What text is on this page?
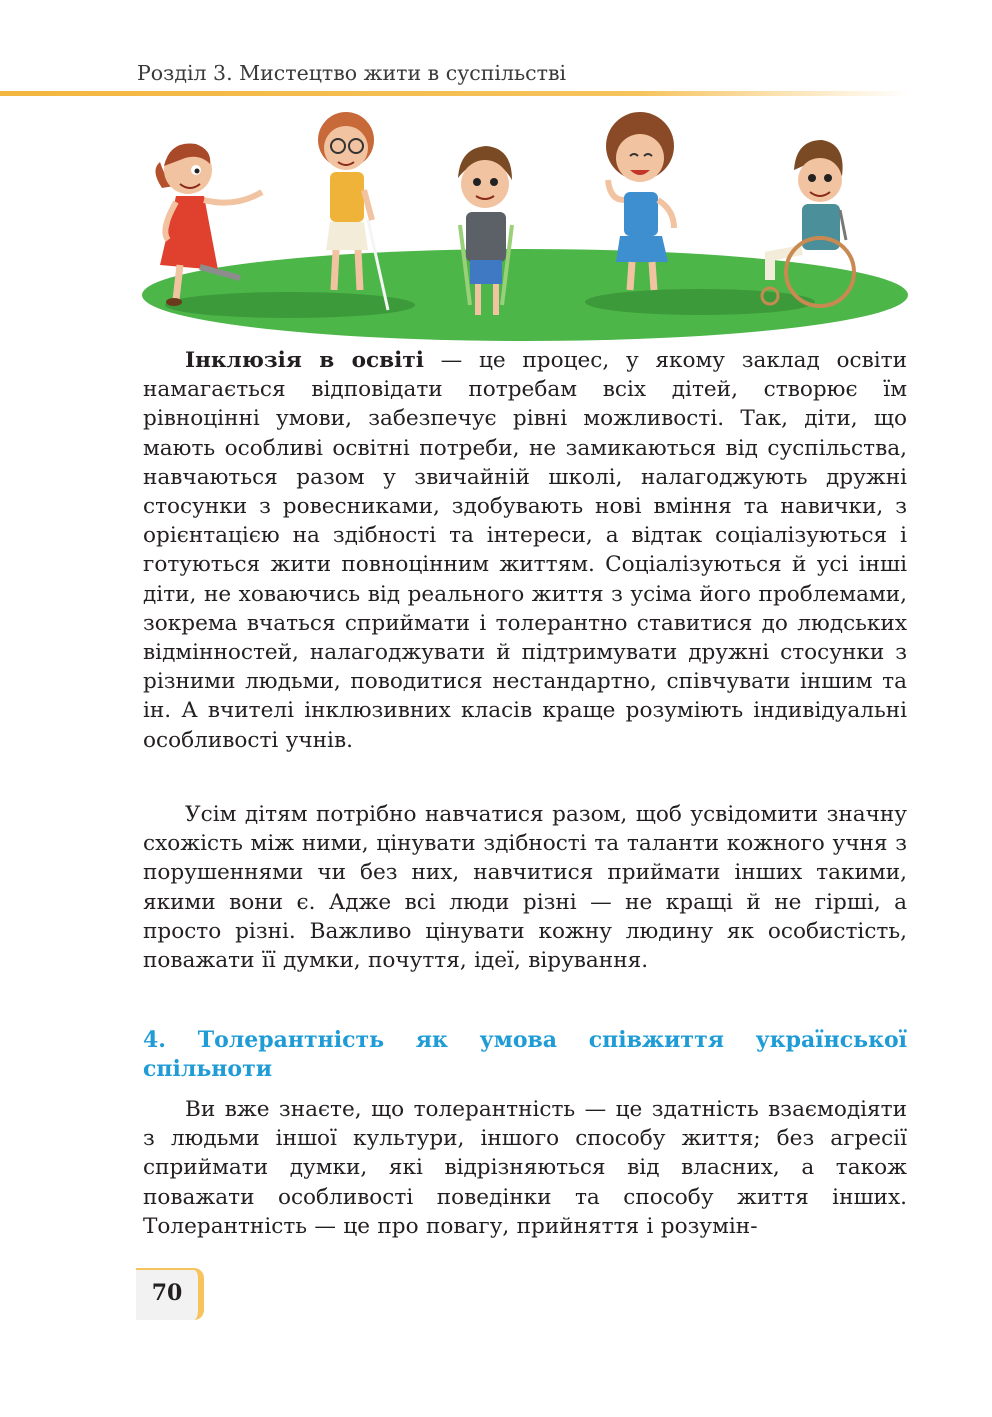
Розділ 3. Мистецтво жити в суспільстві

Інклюзія в освіті — це процес, у якому заклад освіти намагається відповідати потребам всіх дітей, створює їм рівноцінні умови, забезпечує рівні можливості. Так, діти, що мають особливі освітні потреби, не замикаються від суспільства, навчаються разом у звичайній школі, налагоджують дружні стосунки з ровесниками, здобувають нові вміння та навички, з орієнтацією на здібності та інтереси, а відтак соціалізуються і готуються жити повноцінним життям. Соціалізуються й усі інші діти, не ховаючись від реального життя з усіма його проблемами, зокрема вчаться сприймати і толерантно ставитися до людських відмінностей, налагоджувати й підтримувати дружні стосунки з різними людьми, поводитися нестандартно, співчувати іншим та ін. А вчителі інклюзивних класів краще розуміють індивідуальні особливості учнів.

Усім дітям потрібно навчатися разом, щоб усвідомити значну схожість між ними, цінувати здібності та таланти кожного учня з порушеннями чи без них, навчитися приймати інших такими, якими вони є. Адже всі люди різні — не кращі й не гірші, а просто різні. Важливо цінувати кожну людину як особистість, поважати її думки, почуття, ідеї, вірування.

4. Толерантність як умова співжиття української спільноти

Ви вже знаєте, що толерантність — це здатність взаємодіяти з людьми іншої культури, іншого способу життя; без агресії сприймати думки, які відрізняються від власних, а також поважати особливості поведінки та способу життя інших. Толерантність — це про повагу, прийняття і розумін-

70
